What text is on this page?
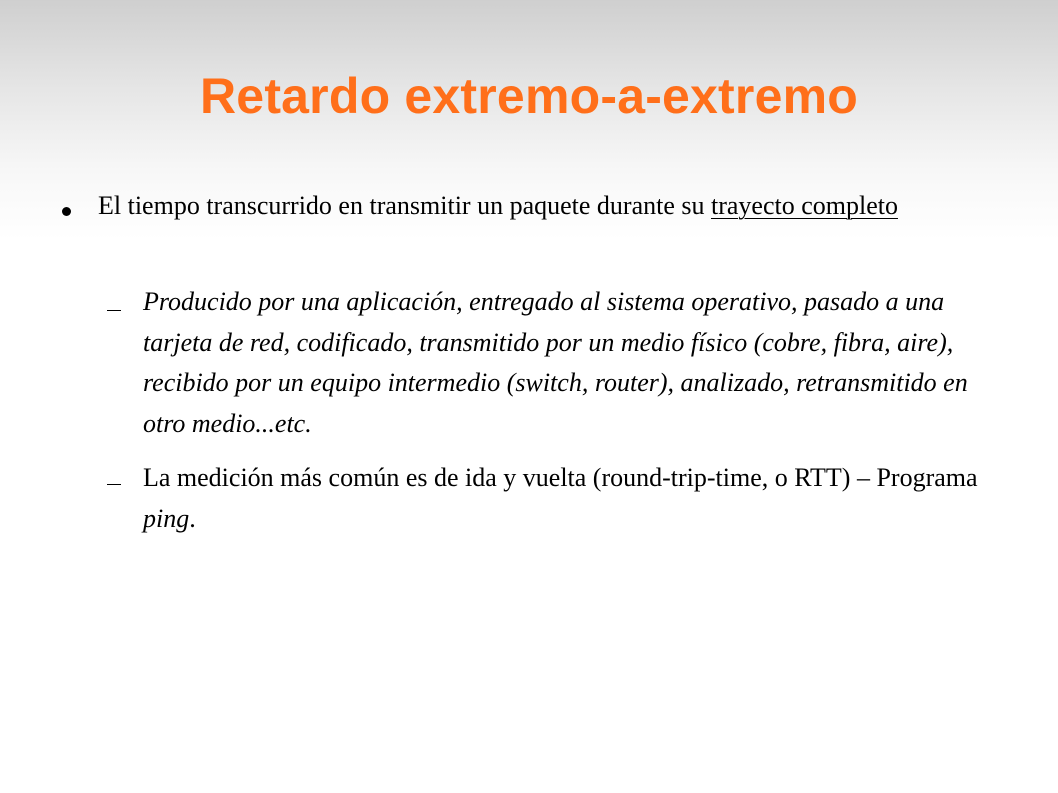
Retardo extremo-a-extremo
El tiempo transcurrido en transmitir un paquete durante su trayecto completo
Producido por una aplicación, entregado al sistema operativo, pasado a una tarjeta de red, codificado, transmitido por un medio físico (cobre, fibra, aire), recibido por un equipo intermedio (switch, router), analizado, retransmitido en otro medio...etc.
La medición más común es de ida y vuelta (round-trip-time, o RTT) – Programa ping.
